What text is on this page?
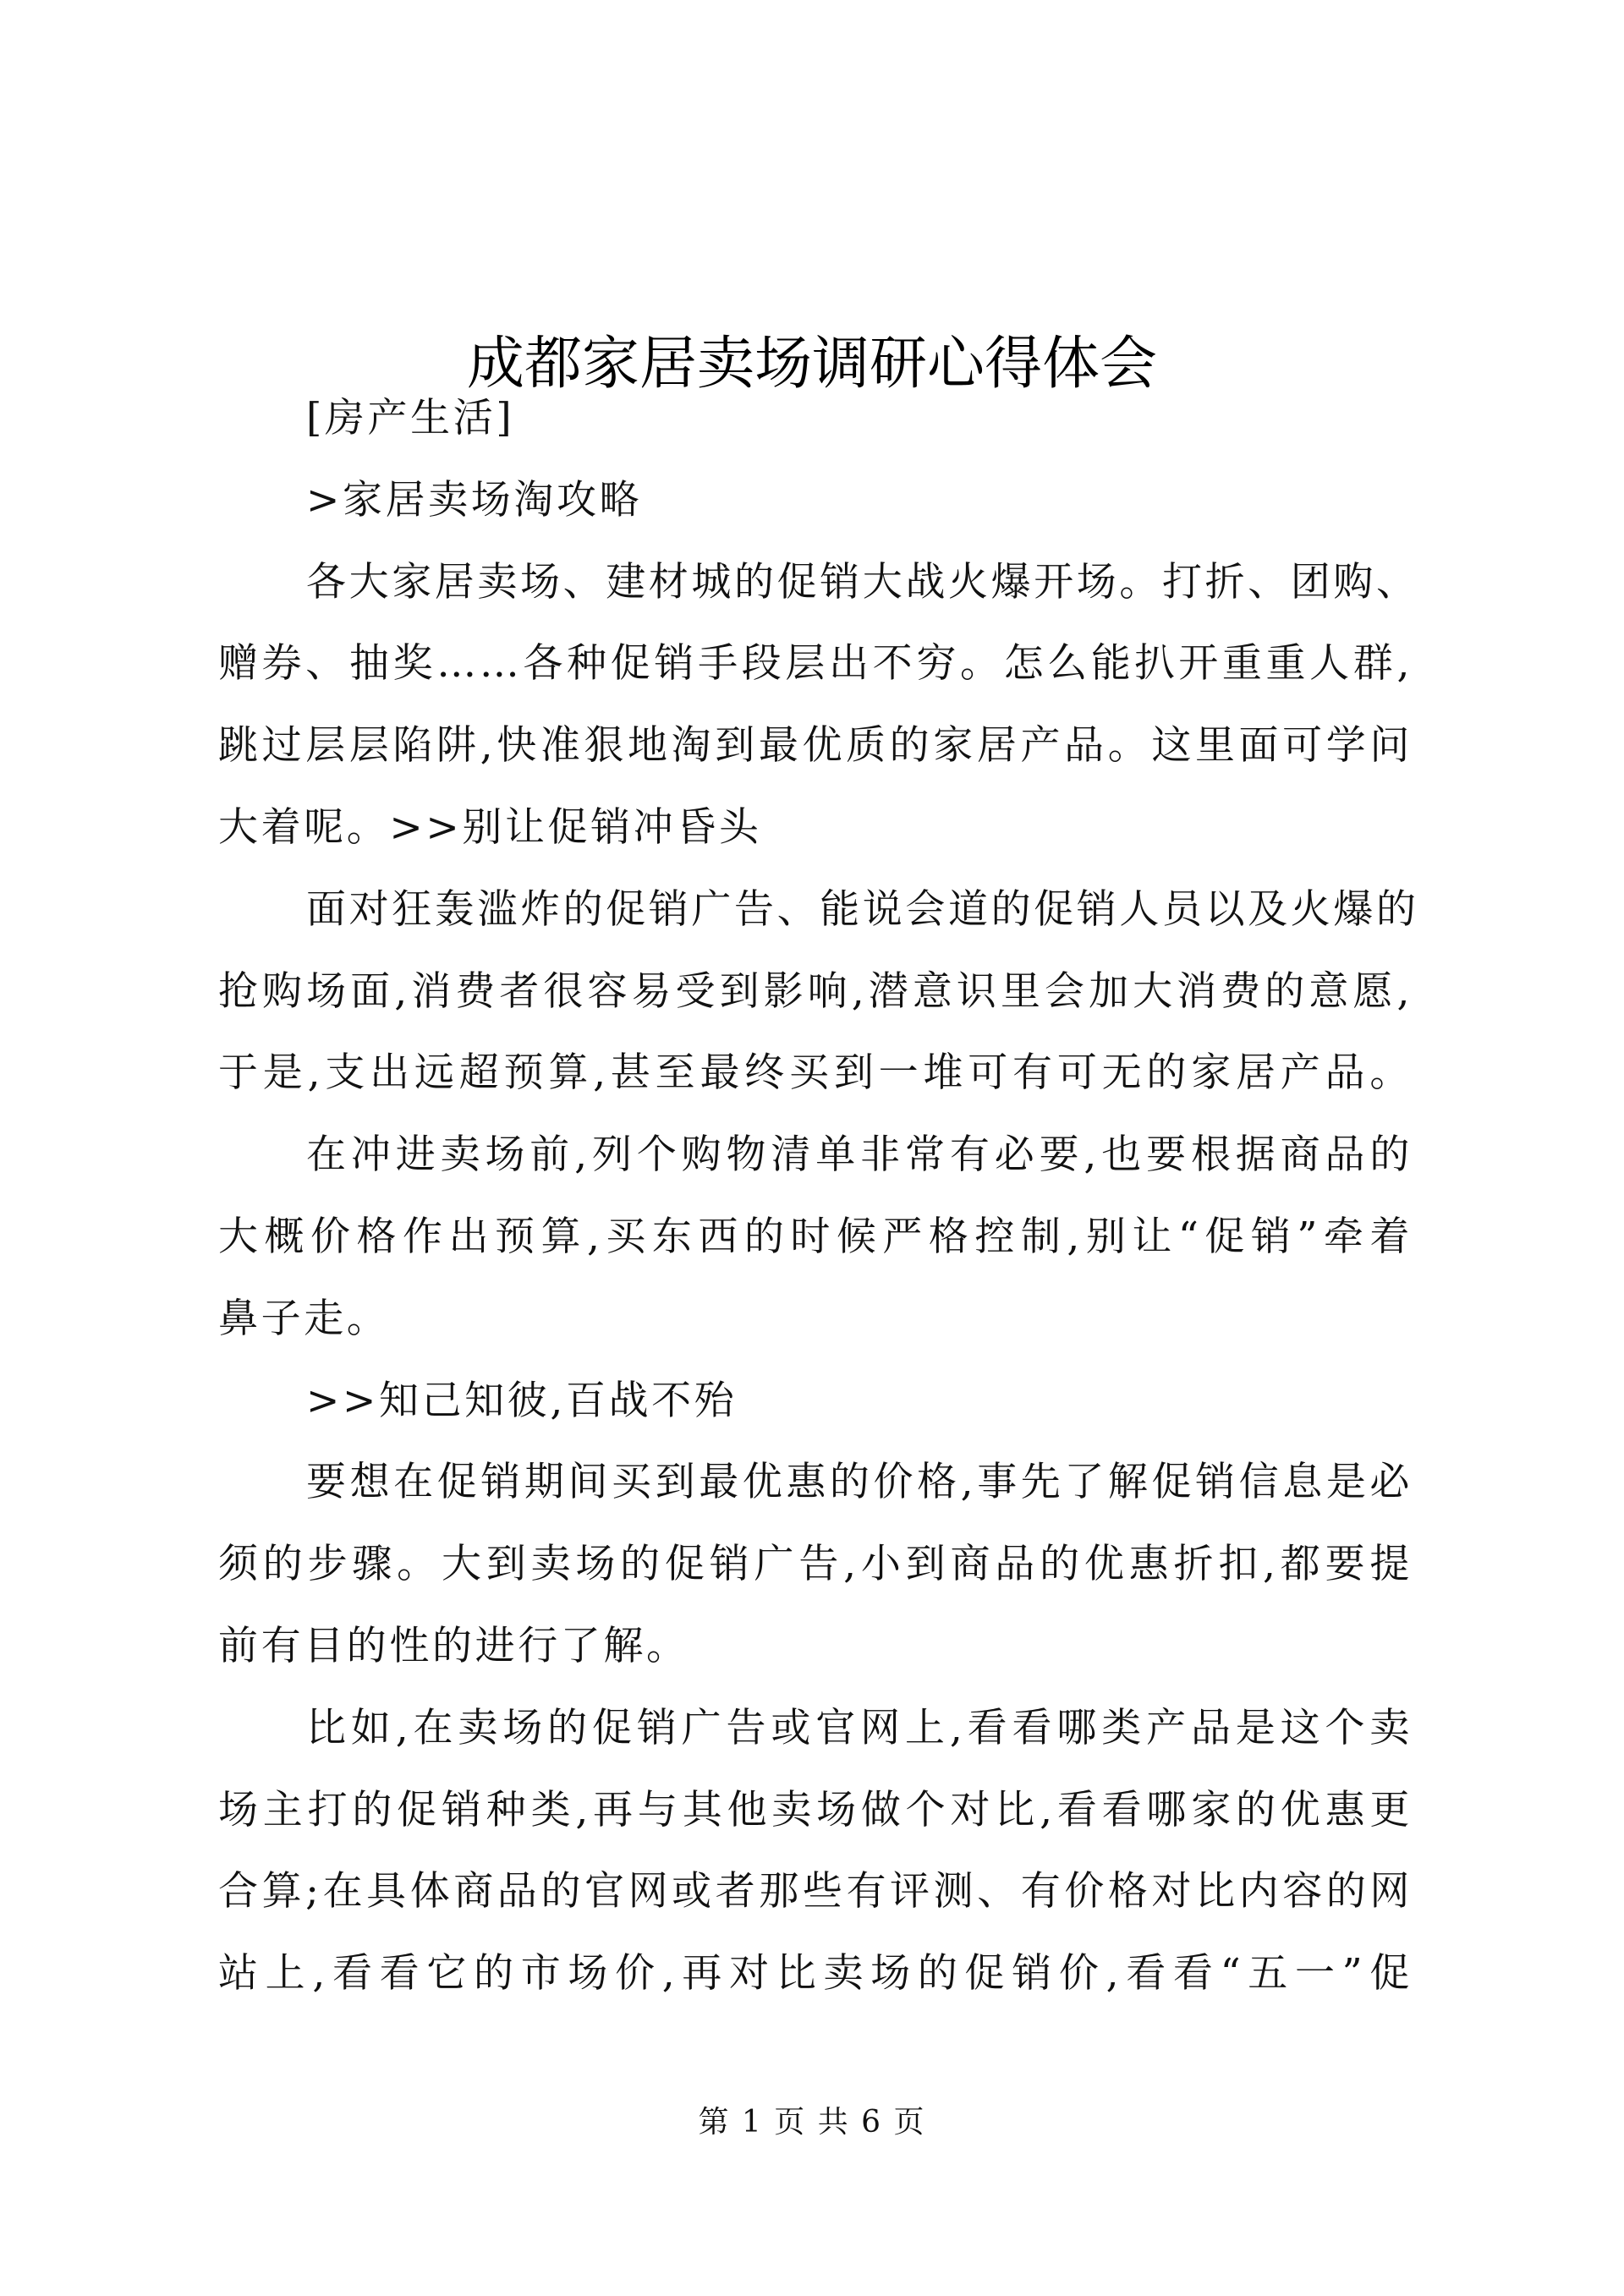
成都家居卖场调研心得体会
[房产生活]
>家居卖场淘攻略
各大家居卖场、建材城的促销大战火爆开场。打折、团购、
赠券、抽奖……各种促销手段层出不穷。怎么能扒开重重人群,
跳过层层陷阱,快准狠地淘到最优质的家居产品。这里面可学问
大着呢。>>别让促销冲昏头
面对狂轰滥炸的促销广告、能说会道的促销人员以及火爆的
抢购场面,消费者很容易受到影响,潜意识里会加大消费的意愿,
于是,支出远超预算,甚至最终买到一堆可有可无的家居产品。
在冲进卖场前,列个购物清单非常有必要,也要根据商品的
大概价格作出预算,买东西的时候严格控制,别让“促销”牵着
鼻子走。
>>知己知彼,百战不殆
要想在促销期间买到最优惠的价格,事先了解促销信息是必
须的步骤。大到卖场的促销广告,小到商品的优惠折扣,都要提
前有目的性的进行了解。
比如,在卖场的促销广告或官网上,看看哪类产品是这个卖
场主打的促销种类,再与其他卖场做个对比,看看哪家的优惠更
合算;在具体商品的官网或者那些有评测、有价格对比内容的网
站上,看看它的市场价,再对比卖场的促销价,看看“五一”促
第 1 页 共 6 页
